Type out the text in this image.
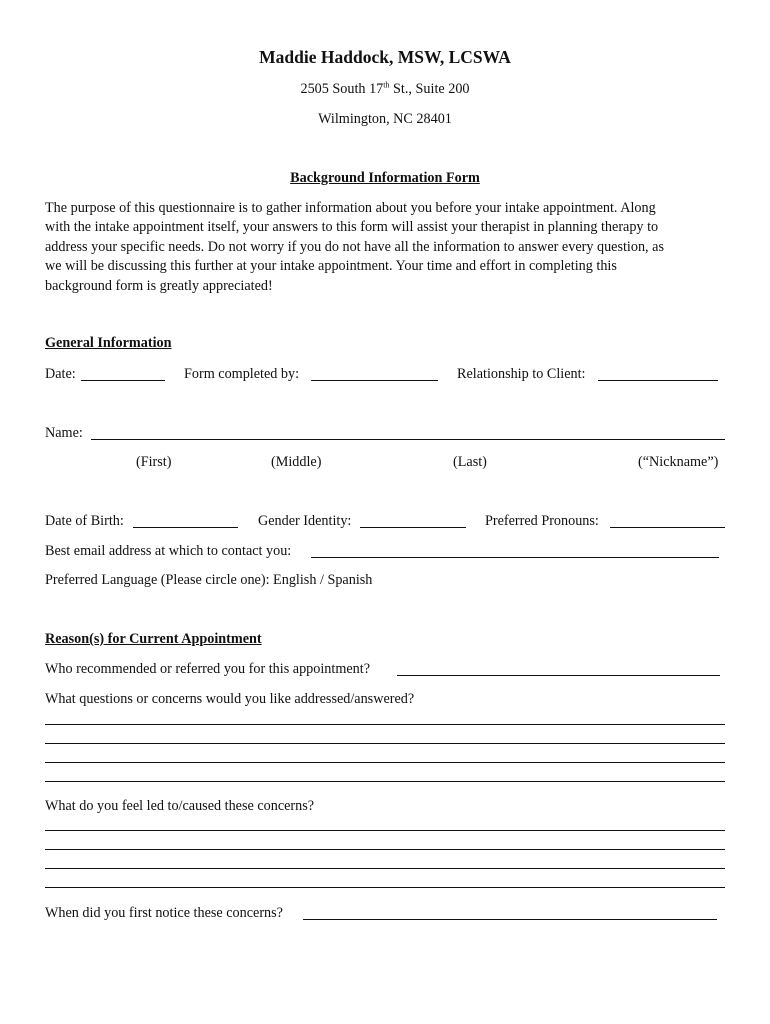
Maddie Haddock, MSW, LCSWA
2505 South 17th St., Suite 200
Wilmington, NC 28401
Background Information Form
The purpose of this questionnaire is to gather information about you before your intake appointment. Along
with the intake appointment itself, your answers to this form will assist your therapist in planning therapy to
address your specific needs. Do not worry if you do not have all the information to answer every question, as
we will be discussing this further at your intake appointment. Your time and effort in completing this
background form is greatly appreciated!
General Information
Date:	Form completed by:	Relationship to Client:
Name:
(First)	(Middle)	(Last)	(“Nickname”)
Date of Birth:	Gender Identity:	Preferred Pronouns:
Best email address at which to contact you:
Preferred Language (Please circle one): English / Spanish
Reason(s) for Current Appointment
Who recommended or referred you for this appointment?
What questions or concerns would you like addressed/answered?
What do you feel led to/caused these concerns?
When did you first notice these concerns?
